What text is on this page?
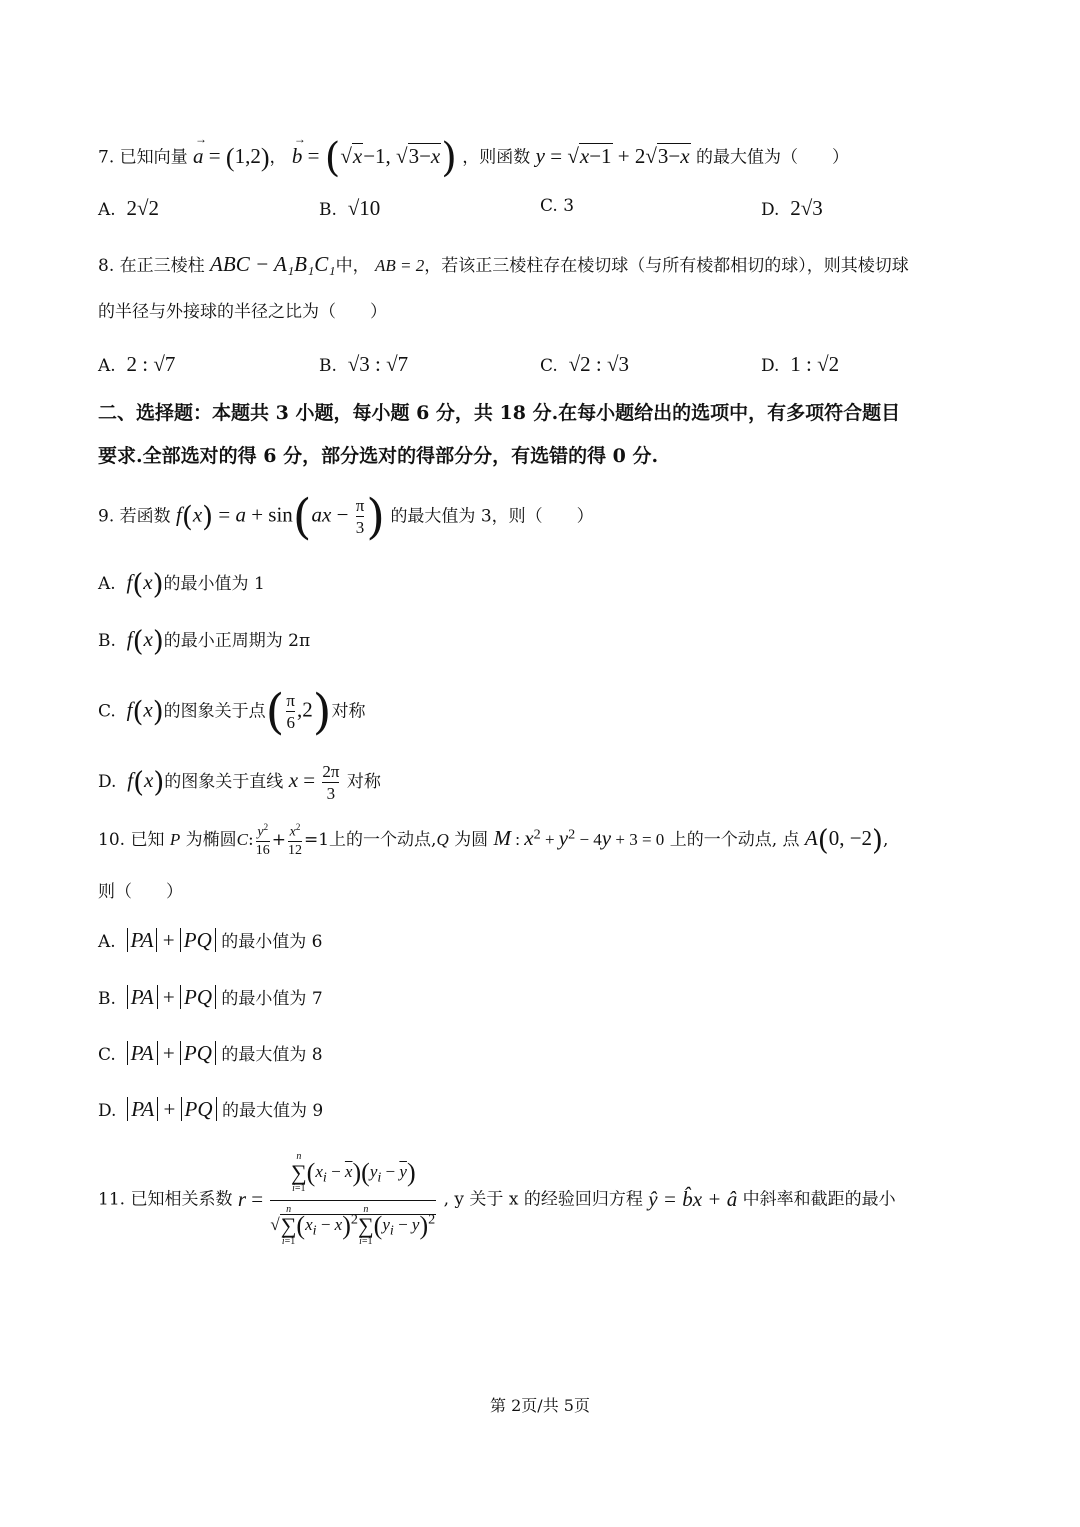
7. 已知向量 a
→
= (1,2)， b
→
= (√x−1, √3−x) ，则函数 y = √x−1 + 2√3−x 的最大值为（　　）
A. 2√2	B. √10	C. 3	D. 2√3
8. 在正三棱柱 ABC − A₁B₁C₁中， AB = 2，若该正三棱柱存在棱切球（与所有棱都相切的球），则其棱切球
的半径与外接球的半径之比为（　　）
A. 2 : √7	B. √3 : √7	C. √2 : √3	D. 1 : √2
二、选择题：本题共 3 小题，每小题 6 分，共 18 分.在每小题给出的选项中，有多项符合题目
要求.全部选对的得 6 分，部分选对的得部分分，有选错的得 0 分.
9. 若函数 $f(x) = a + \sin(ax - \frac{\pi}{3}$ ) 的最大值为 3，则（　　）
A. f(x)的最小值为 1
B. f(x)的最小正周期为 2π
C. f(x)的图象关于点( $\frac{\pi}{6} ,2$)对称
D. f(x)的图象关于直线 $x = \frac{2\pi}{3}$ 对称
10. 已知 P 为椭圆C: $\frac{y^2}{16} + \frac{x^2}{12} =1$上的一个动点,Q 为圆 M : $x^2 + y^2 - 4y + 3 = 0$ 上的一个动点, 点 A(0, −2),
则（　　）
A. PA + PQ 的最小值为 6
B. PA + PQ 的最小值为 7
C. PA + PQ 的最大值为 8
D. PA + PQ 的最大值为 9
11. 已知相关系数 r = n
∑
i=1
$(x_i - \overline{x})(y_i - \overline{y})$
√
n
∑
i=1
$(x_i - \overline{x})^2$
n
∑
i=1
$(y_i - \overline{y})^2$ , y 关于 x 的经验回归方程 ŷ = b̂x + â 中斜率和截距的最小
第 2页/共 5页
